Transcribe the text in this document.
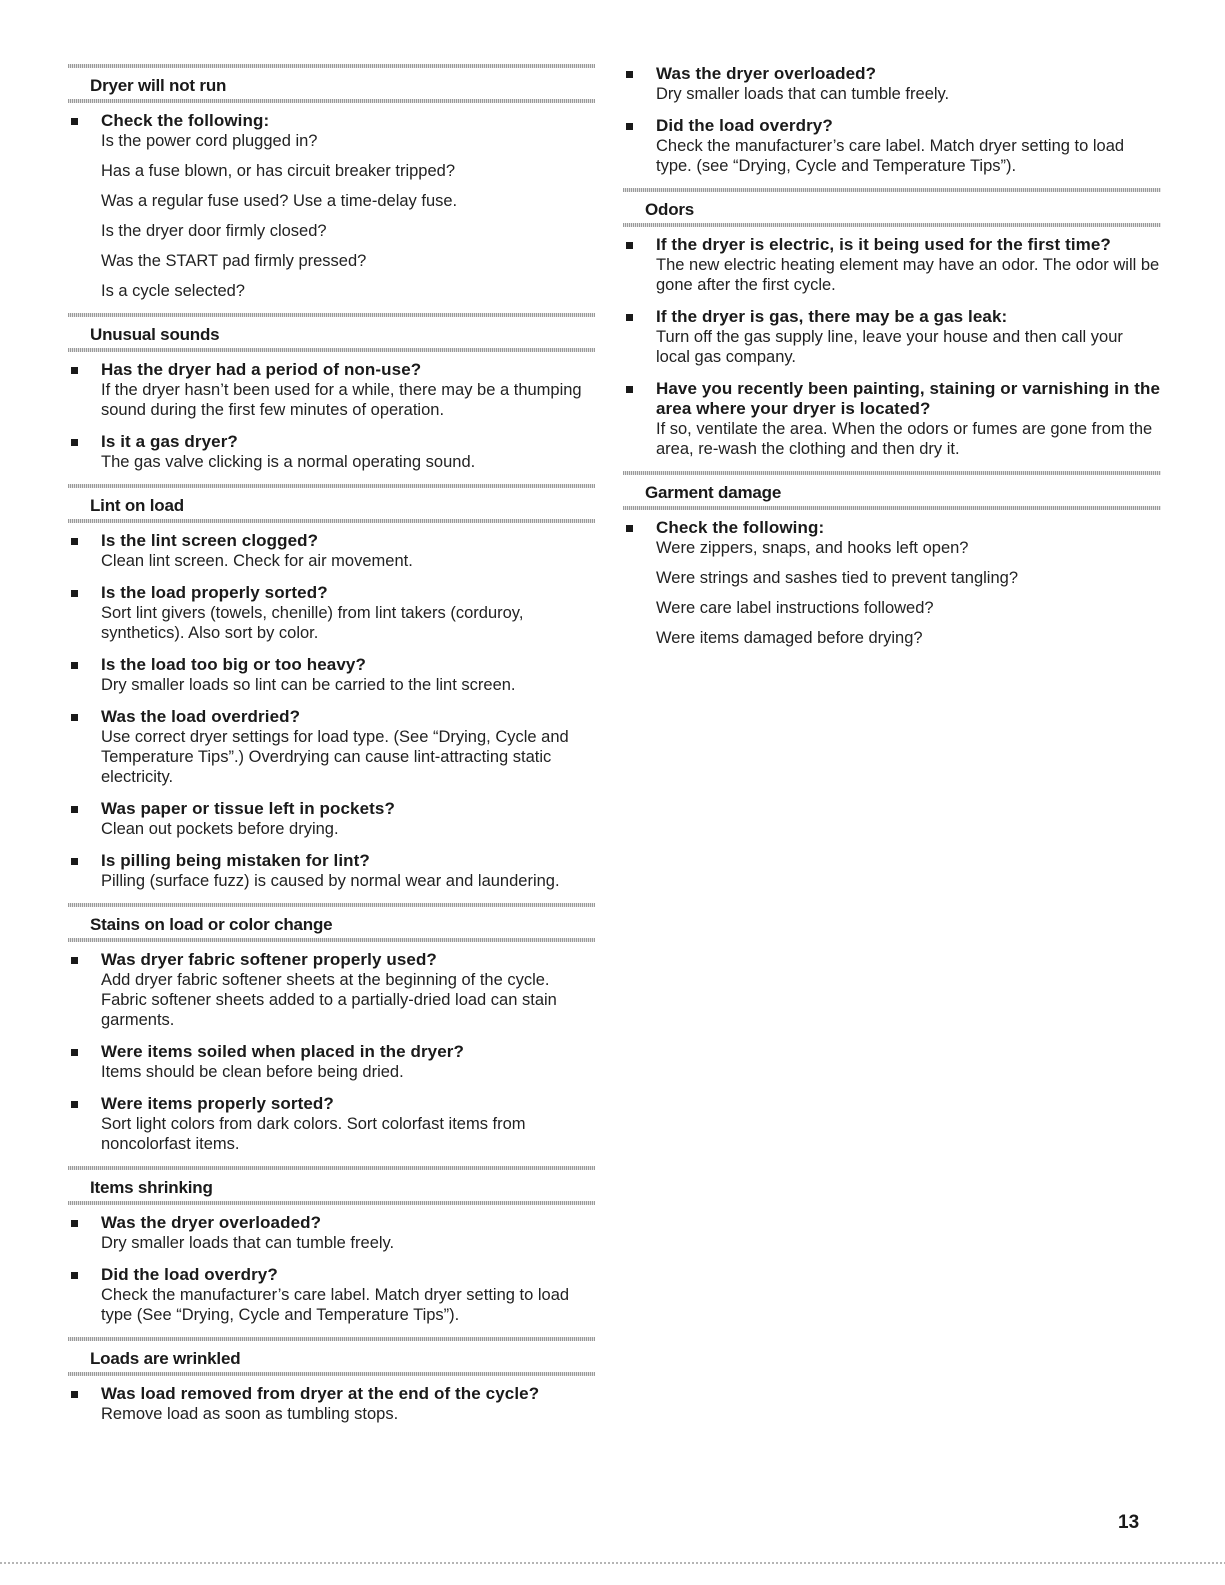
Dryer will not run
Check the following:
Is the power cord plugged in?
Has a fuse blown, or has circuit breaker tripped?
Was a regular fuse used? Use a time-delay fuse.
Is the dryer door firmly closed?
Was the START pad firmly pressed?
Is a cycle selected?
Unusual sounds
Has the dryer had a period of non-use?
If the dryer hasn’t been used for a while, there may be a thumping sound during the first few minutes of operation.
Is it a gas dryer?
The gas valve clicking is a normal operating sound.
Lint on load
Is the lint screen clogged?
Clean lint screen. Check for air movement.
Is the load properly sorted?
Sort lint givers (towels, chenille) from lint takers (corduroy, synthetics). Also sort by color.
Is the load too big or too heavy?
Dry smaller loads so lint can be carried to the lint screen.
Was the load overdried?
Use correct dryer settings for load type. (See “Drying, Cycle and Temperature Tips”.) Overdrying can cause lint-attracting static electricity.
Was paper or tissue left in pockets?
Clean out pockets before drying.
Is pilling being mistaken for lint?
Pilling (surface fuzz) is caused by normal wear and laundering.
Stains on load or color change
Was dryer fabric softener properly used?
Add dryer fabric softener sheets at the beginning of the cycle. Fabric softener sheets added to a partially-dried load can stain garments.
Were items soiled when placed in the dryer?
Items should be clean before being dried.
Were items properly sorted?
Sort light colors from dark colors. Sort colorfast items from noncolorfast items.
Items shrinking
Was the dryer overloaded?
Dry smaller loads that can tumble freely.
Did the load overdry?
Check the manufacturer’s care label. Match dryer setting to load type (See “Drying, Cycle and Temperature Tips”).
Loads are wrinkled
Was load removed from dryer at the end of the cycle?
Remove load as soon as tumbling stops.
Was the dryer overloaded?
Dry smaller loads that can tumble freely.
Did the load overdry?
Check the manufacturer’s care label. Match dryer setting to load type. (see “Drying, Cycle and Temperature Tips”).
Odors
If the dryer is electric, is it being used for the first time?
The new electric heating element may have an odor. The odor will be gone after the first cycle.
If the dryer is gas, there may be a gas leak:
Turn off the gas supply line, leave your house and then call your local gas company.
Have you recently been painting, staining or varnishing in the area where your dryer is located?
If so, ventilate the area. When the odors or fumes are gone from the area, re-wash the clothing and then dry it.
Garment damage
Check the following:
Were zippers, snaps, and hooks left open?
Were strings and sashes tied to prevent tangling?
Were care label instructions followed?
Were items damaged before drying?
13
